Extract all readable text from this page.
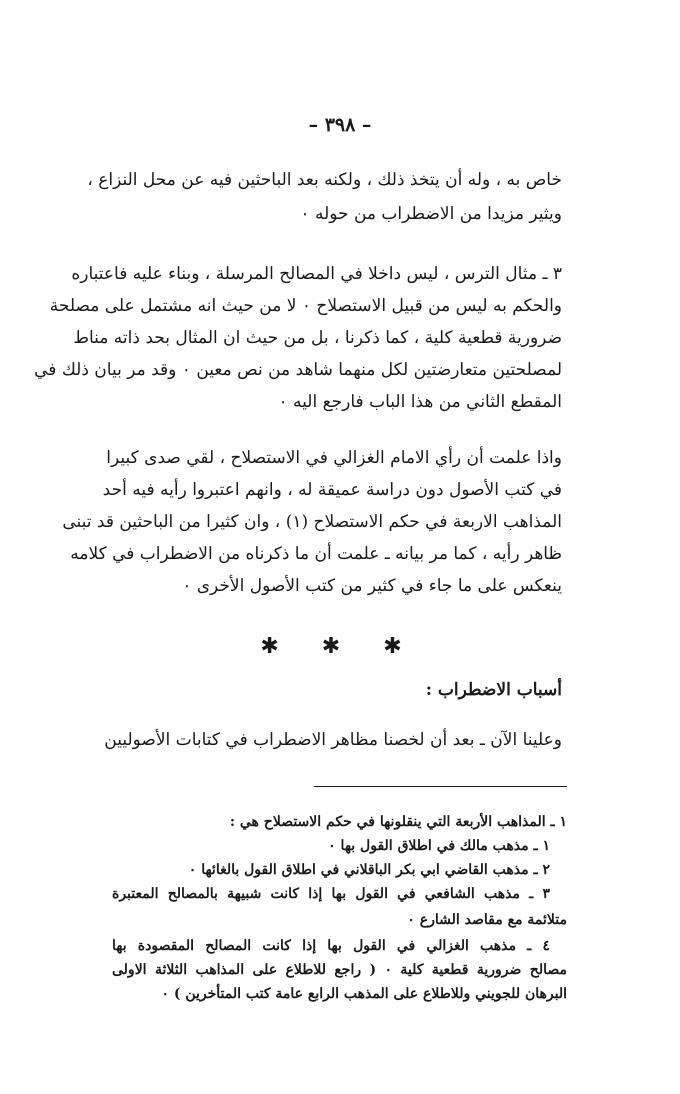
– ٣٩٨ –
خاص به ، وله أن يتخذ ذلك ، ولكنه بعد الباحثين فيه عن محل النزاع ،
ويثير مزيدا من الاضطراب من حوله ٠
٣ ـ مثال الترس ، ليس داخلا في المصالح المرسلة ، وبناء عليه فاعتباره
والحكم به ليس من قبيل الاستصلاح ٠ لا من حيث انه مشتمل على مصلحة
ضرورية قطعية كلية ، كما ذكرنا ، بل من حيث ان المثال بحد ذاته مناط
لمصلحتين متعارضتين لكل منهما شاهد من نص معين ٠ وقد مر بيان ذلك في
المقطع الثاني من هذا الباب فارجع اليه ٠
واذا علمت أن رأي الامام الغزالي في الاستصلاح ، لقي صدى كبيرا
في كتب الأصول دون دراسة عميقة له ، وانهم اعتبروا رأيه فيه أحد
المذاهب الاربعة في حكم الاستصلاح (١) ، وان كثيرا من الباحثين قد تبنى
ظاهر رأيه ، كما مر بيانه ـ علمت أن ما ذكرناه من الاضطراب في كلامه
ينعكس على ما جاء في كثير من كتب الأصول الأخرى ٠
✱ ✱ ✱
أسباب الاضطراب :
وعلينا الآن ـ بعد أن لخصنا مظاهر الاضطراب في كتابات الأصوليين
١ ـ المذاهب الأربعة التي ينقلونها في حكم الاستصلاح هي :
١ ـ مذهب مالك في اطلاق القول بها ٠
٢ ـ مذهب القاضي ابي بكر الباقلاني في اطلاق القول بالغائها ٠
٣ ـ مذهب الشافعي في القول بها إذا كانت شبيهة بالمصالح المعتبرة
متلائمة مع مقاصد الشارع ٠
٤ ـ مذهب الغزالي في القول بها إذا كانت المصالح المقصودة بها
مصالح ضرورية قطعية كلية ٠ ( راجع للاطلاع على المذاهب الثلاثة الاولى
البرهان للجويني وللاطلاع على المذهب الرابع عامة كتب المتأخرين ) ٠
